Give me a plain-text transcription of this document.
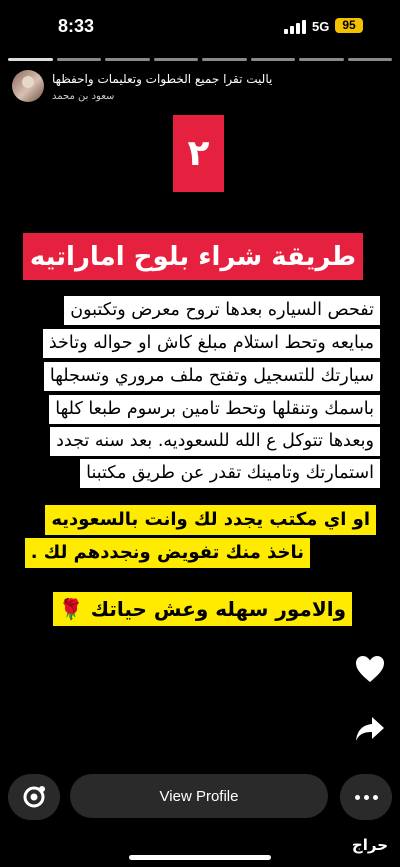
8:33	5G	95
ياليت تقرا جميع الخطوات وتعليمات واحفظها
سعود بن محمد
٢
طريقة شراء بلوح اماراتيه
تفحص السياره بعدها تروح معرض وتكتبون
مبايعه وتحط استلام مبلغ كاش او حواله وتاخذ
سيارتك للتسجيل وتفتح ملف مروري وتسجلها
باسمك وتنقلها وتحط تامين برسوم طبعا كلها
وبعدها تتوكل ع الله للسعوديه. بعد سنه تجدد
استمارتك وتامينك تقدر عن طريق مكتبنا
او اي مكتب يجدد لك وانت بالسعوديه
ناخذ منك تفويض ونجددهم لك .
والامور سهله وعش حياتك 🌹
View Profile
حراج
